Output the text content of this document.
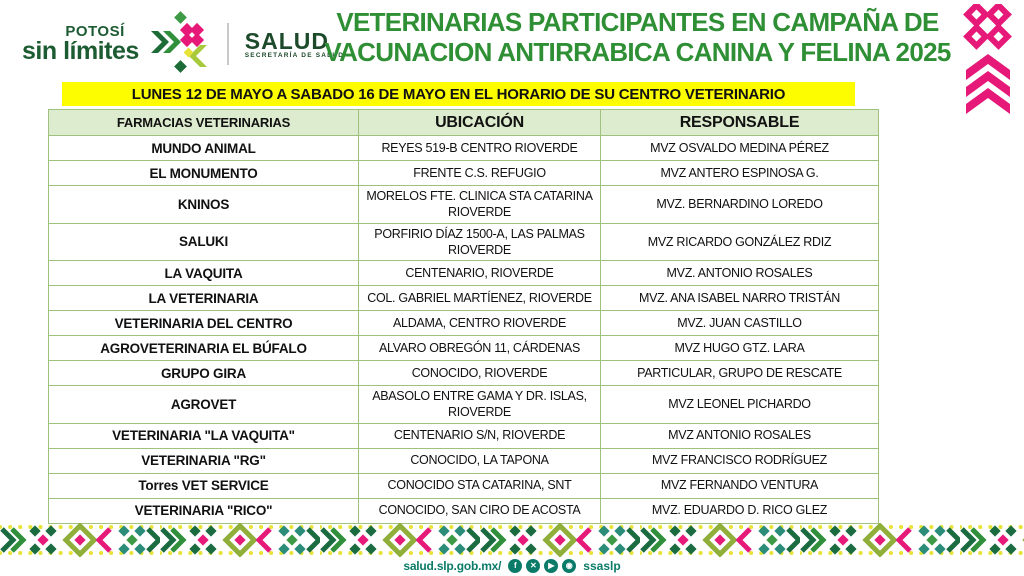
POTOSÍ
sin límites	SALUD
SECRETARÍA DE SALUD
VETERINARIAS PARTICIPANTES EN CAMPAÑA DE
VACUNACION ANTIRRABICA CANINA Y FELINA 2025
LUNES 12 DE MAYO A SABADO 16 DE MAYO EN EL HORARIO DE SU CENTRO VETERINARIO
FARMACIAS VETERINARIAS	UBICACIÓN	RESPONSABLE
MUNDO ANIMAL	REYES 519-B CENTRO RIOVERDE	MVZ OSVALDO MEDINA PÉREZ
EL MONUMENTO	FRENTE C.S. REFUGIO	MVZ ANTERO ESPINOSA G.
KNINOS	MORELOS FTE. CLINICA STA CATARINA RIOVERDE	MVZ. BERNARDINO LOREDO
SALUKI	PORFIRIO DÍAZ 1500-A, LAS PALMAS RIOVERDE	MVZ RICARDO GONZÁLEZ RDIZ
LA VAQUITA	CENTENARIO, RIOVERDE	MVZ. ANTONIO ROSALES
LA VETERINARIA	COL. GABRIEL MARTÍENEZ, RIOVERDE	MVZ. ANA ISABEL NARRO TRISTÁN
VETERINARIA DEL CENTRO	ALDAMA, CENTRO RIOVERDE	MVZ. JUAN CASTILLO
AGROVETERINARIA EL BÚFALO	ALVARO OBREGÓN 11, CÁRDENAS	MVZ HUGO GTZ. LARA
GRUPO GIRA	CONOCIDO, RIOVERDE	PARTICULAR, GRUPO DE RESCATE
AGROVET	ABASOLO ENTRE GAMA Y DR. ISLAS, RIOVERDE	MVZ LEONEL PICHARDO
VETERINARIA "LA VAQUITA"	CENTENARIO S/N, RIOVERDE	MVZ ANTONIO ROSALES
VETERINARIA "RG"	CONOCIDO, LA TAPONA	MVZ FRANCISCO RODRÍGUEZ
Torres VET SERVICE	CONOCIDO STA CATARINA, SNT	MVZ FERNANDO VENTURA
VETERINARIA "RICO"	CONOCIDO, SAN CIRO DE ACOSTA	MVZ. EDUARDO D. RICO GLEZ
salud.slp.gob.mx/	f	✕	▶	◉ ssaslp
